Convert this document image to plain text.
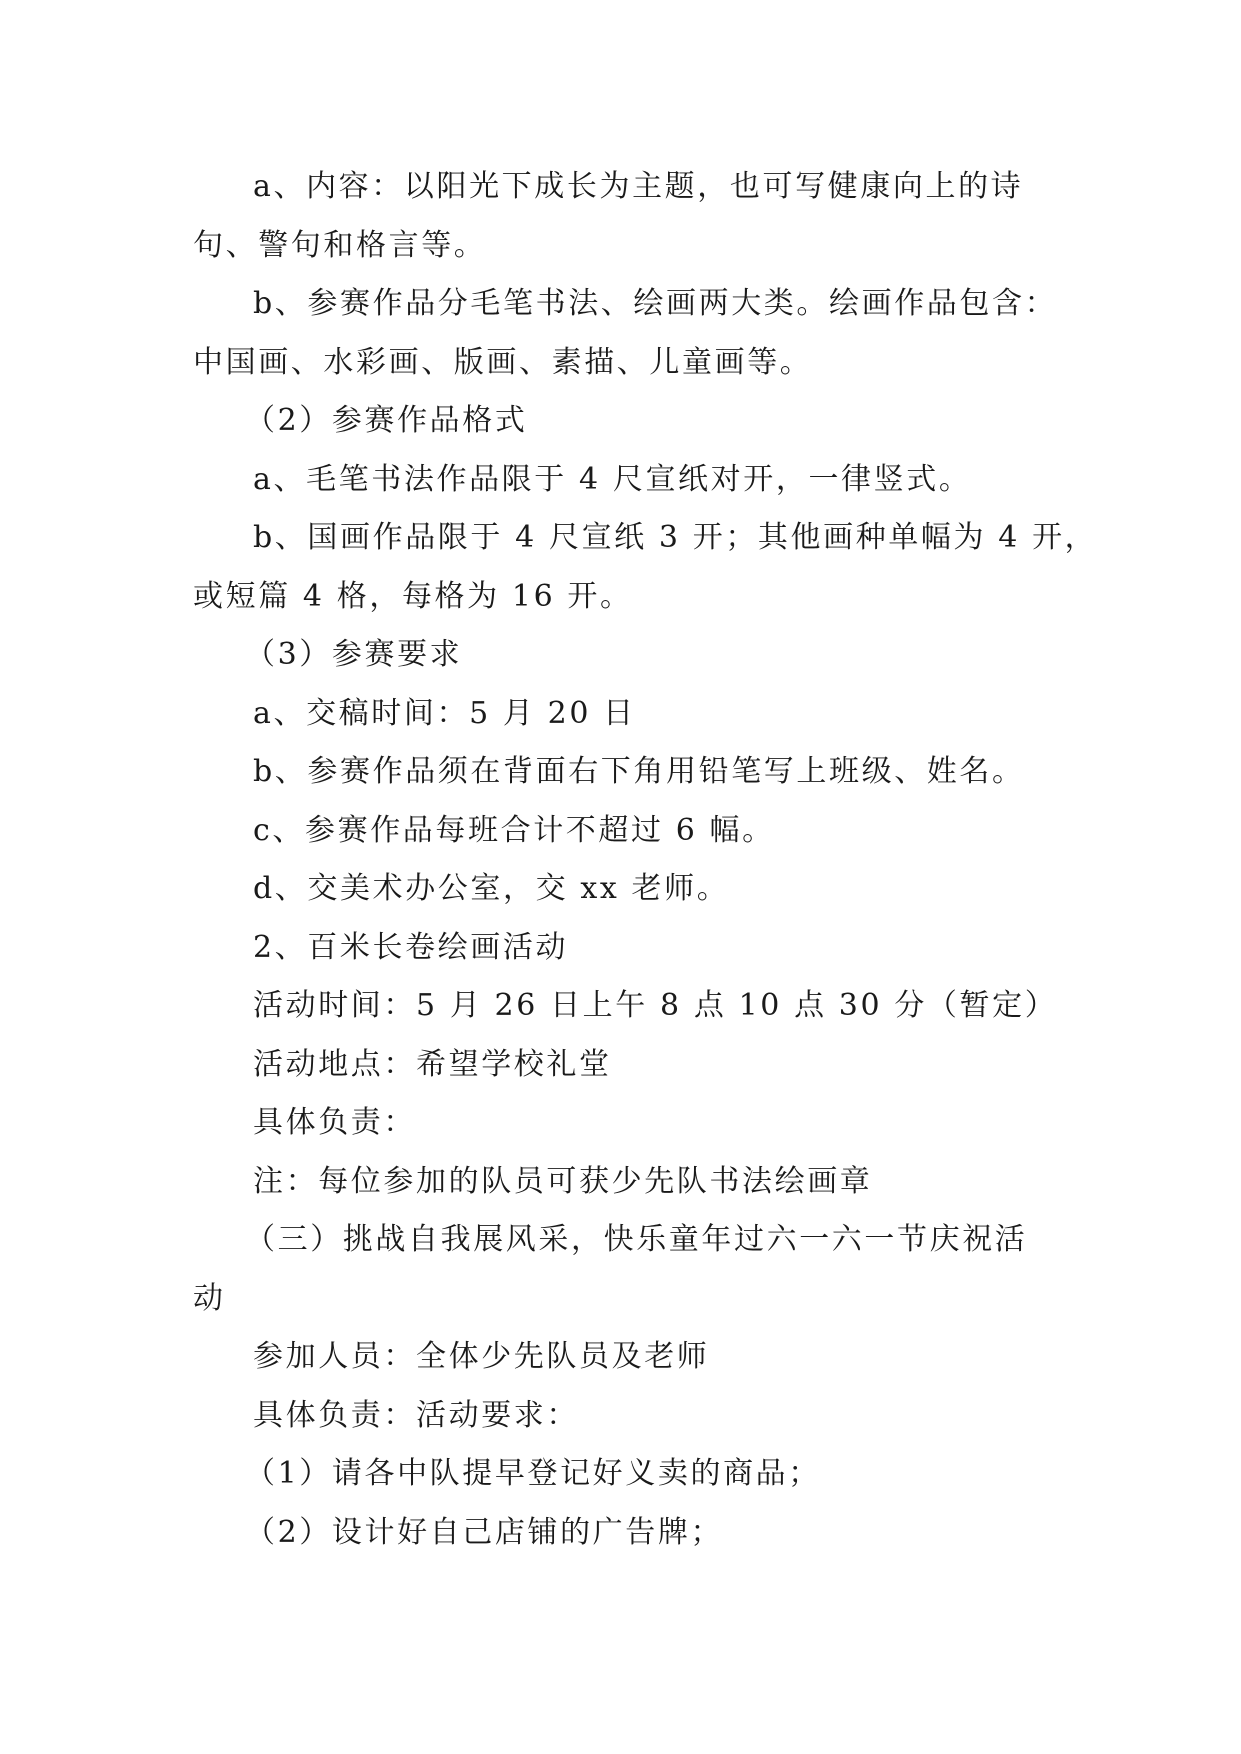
a、内容：以阳光下成长为主题，也可写健康向上的诗
句、警句和格言等。
b、参赛作品分毛笔书法、绘画两大类。绘画作品包含：
中国画、水彩画、版画、素描、儿童画等。
（2）参赛作品格式
a、毛笔书法作品限于 4 尺宣纸对开，一律竖式。
b、国画作品限于 4 尺宣纸 3 开；其他画种单幅为 4 开，
或短篇 4 格，每格为 16 开。
（3）参赛要求
a、交稿时间：5 月 20 日
b、参赛作品须在背面右下角用铅笔写上班级、姓名。
c、参赛作品每班合计不超过 6 幅。
d、交美术办公室，交 xx 老师。
2、百米长卷绘画活动
活动时间：5 月 26 日上午 8 点 10 点 30 分（暂定）
活动地点：希望学校礼堂
具体负责：
注：每位参加的队员可获少先队书法绘画章
（三）挑战自我展风采，快乐童年过六一六一节庆祝活
动
参加人员：全体少先队员及老师
具体负责：活动要求：
（1）请各中队提早登记好义卖的商品；
（2）设计好自己店铺的广告牌；
